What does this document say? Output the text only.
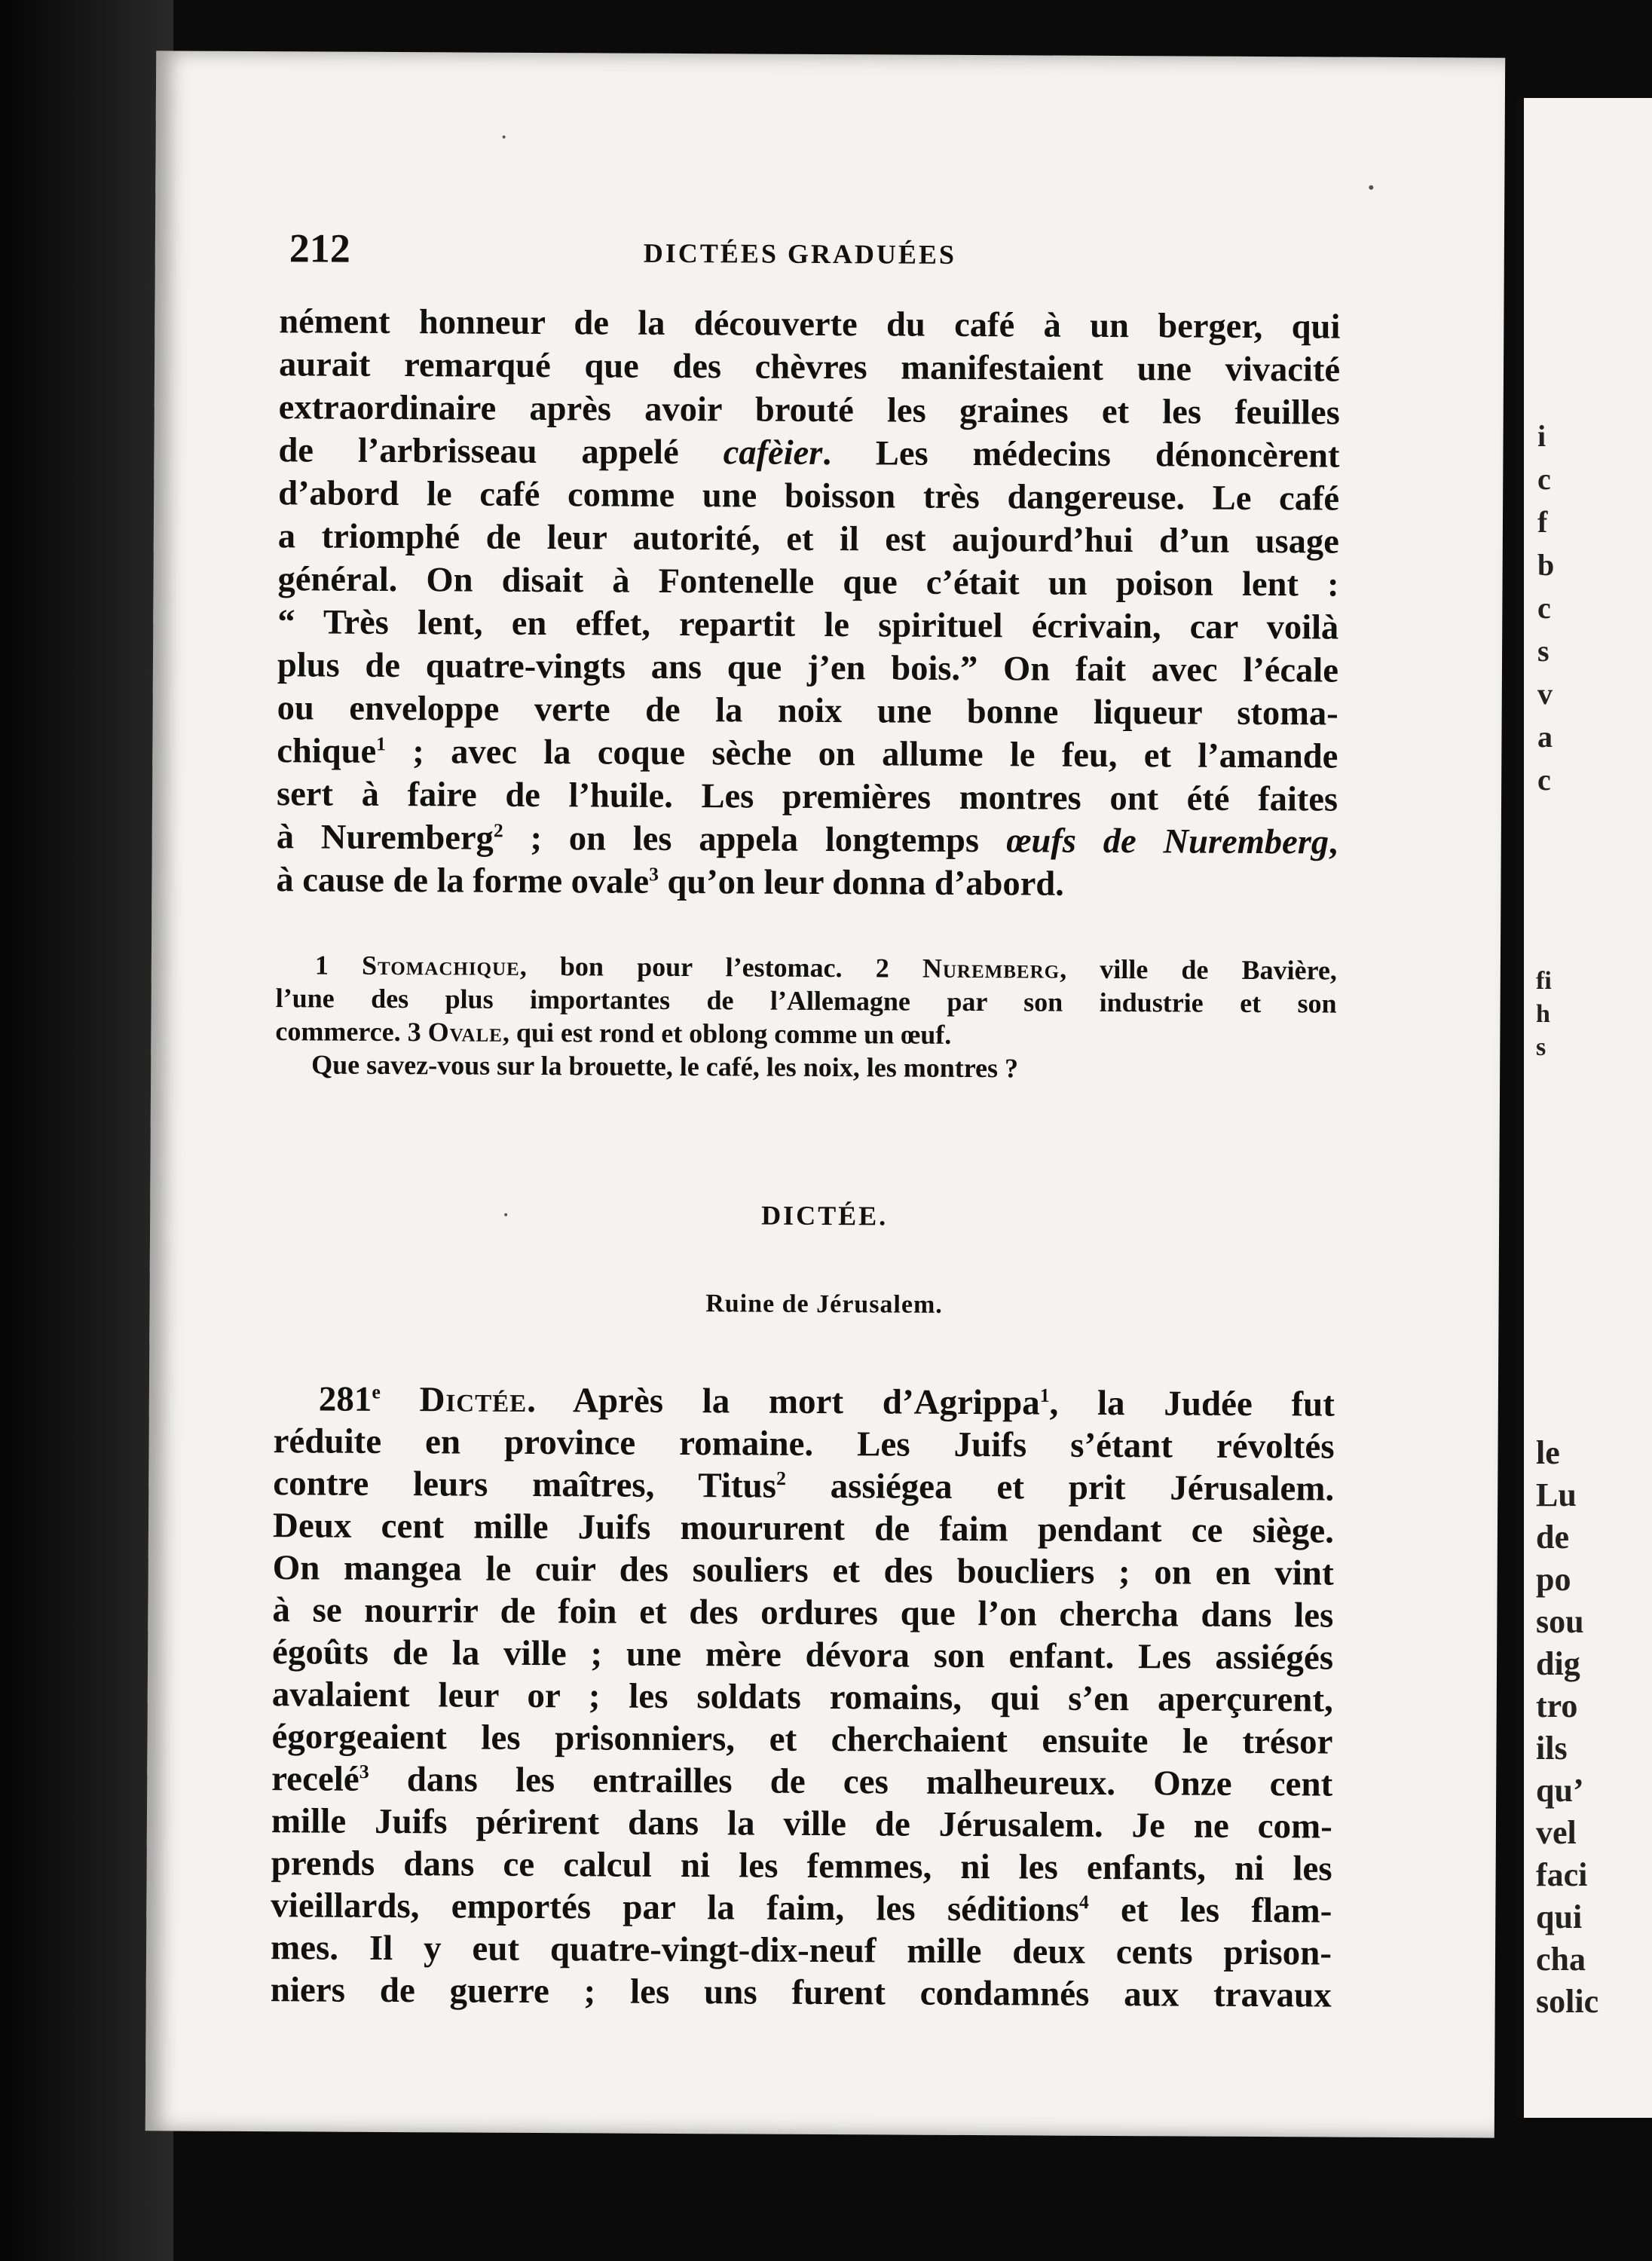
212	DICTÉES GRADUÉES
nément honneur de la découverte du café à un berger, qui
aurait remarqué que des chèvres manifestaient une vivacité
extraordinaire après avoir brouté les graines et les feuilles
de l’arbrisseau appelé cafèier. Les médecins dénoncèrent
d’abord le café comme une boisson très dangereuse. Le café
a triomphé de leur autorité, et il est aujourd’hui d’un usage
général. On disait à Fontenelle que c’était un poison lent :
“ Très lent, en effet, repartit le spirituel écrivain, car voilà
plus de quatre-vingts ans que j’en bois.” On fait avec l’écale
ou enveloppe verte de la noix une bonne liqueur stoma-
chique$^1$ ; avec la coque sèche on allume le feu, et l’amande
sert à faire de l’huile. Les premières montres ont été faites
à Nuremberg$^2$ ; on les appela longtemps œufs de Nuremberg,
à cause de la forme ovale$^3$ qu’on leur donna d’abord.
1 Stomachique, bon pour l’estomac. 2 Nuremberg, ville de Bavière,
l’une des plus importantes de l’Allemagne par son industrie et son
commerce. 3 Ovale, qui est rond et oblong comme un œuf.
Que savez-vous sur la brouette, le café, les noix, les montres ?
DICTÉE.
Ruine de Jérusalem.
281e Dictée. Après la mort d’Agrippa$^1$, la Judée fut
réduite en province romaine. Les Juifs s’étant révoltés
contre leurs maîtres, Titus$^2$ assiégea et prit Jérusalem.
Deux cent mille Juifs moururent de faim pendant ce siège.
On mangea le cuir des souliers et des boucliers ; on en vint
à se nourrir de foin et des ordures que l’on chercha dans les
égoûts de la ville ; une mère dévora son enfant. Les assiégés
avalaient leur or ; les soldats romains, qui s’en aperçurent,
égorgeaient les prisonniers, et cherchaient ensuite le trésor
recelé$^3$ dans les entrailles de ces malheureux. Onze cent
mille Juifs périrent dans la ville de Jérusalem. Je ne com-
prends dans ce calcul ni les femmes, ni les enfants, ni les
vieillards, emportés par la faim, les séditions$^4$ et les flam-
mes. Il y eut quatre-vingt-dix-neuf mille deux cents prison-
niers de guerre ; les uns furent condamnés aux travaux
i
c
f
b
c
s
v
a
c
fi
h
s
le
Lu
de
po
sou
dig
tro
ils
qu’
vel
faci
qui
cha
solic
